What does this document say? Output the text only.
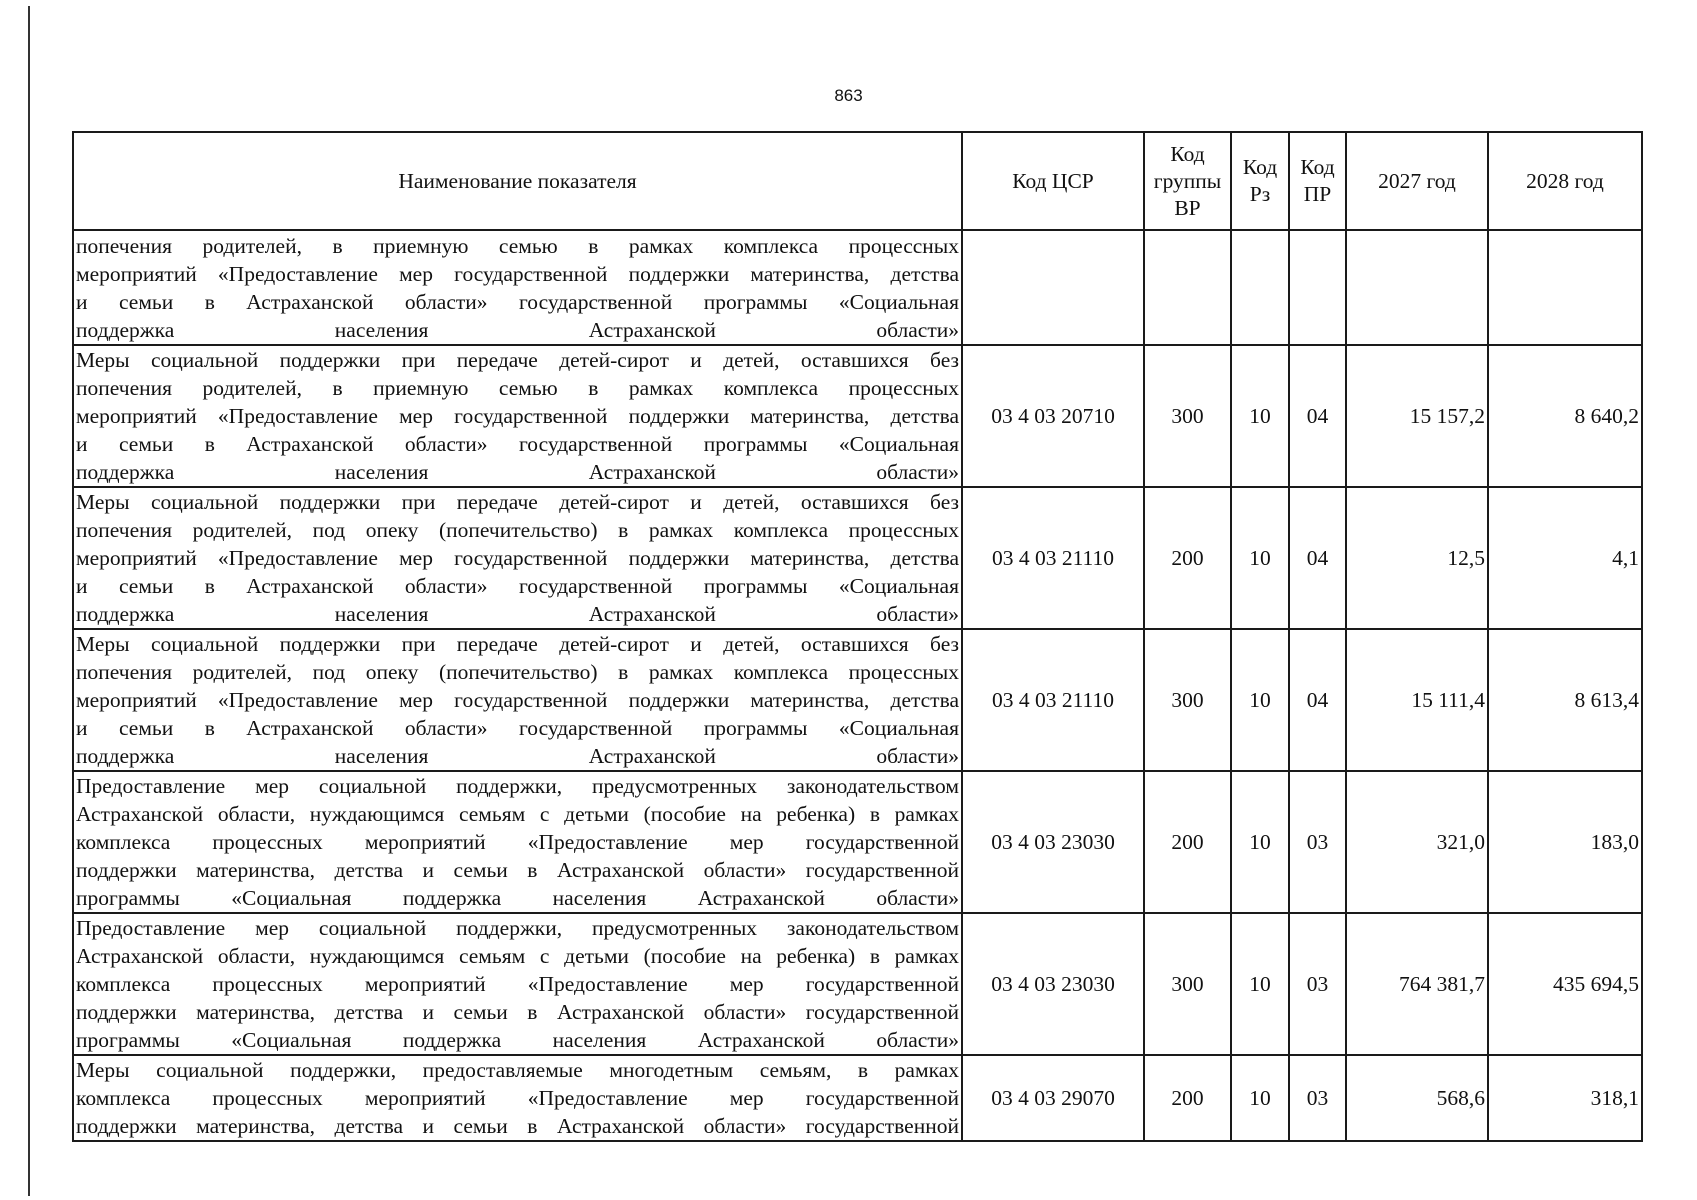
863
Наименование показателя	Код ЦСР	Код группы ВР	Код Рз	Код ПР	2027 год	2028 год

попечения родителей, в приемную семью в рамках комплекса процессных
мероприятий «Предоставление мер государственной поддержки материнства, детства
и семьи в Астраханской области» государственной программы «Социальная
поддержка населения Астраханской области»						

Меры социальной поддержки при передаче детей-сирот и детей, оставшихся без
попечения родителей, в приемную семью в рамках комплекса процессных
мероприятий «Предоставление мер государственной поддержки материнства, детства
и семьи в Астраханской области» государственной программы «Социальная
поддержка населения Астраханской области»	03 4 03 20710	300	10	04	15 157,2	8 640,2

Меры социальной поддержки при передаче детей-сирот и детей, оставшихся без
попечения родителей, под опеку (попечительство) в рамках комплекса процессных
мероприятий «Предоставление мер государственной поддержки материнства, детства
и семьи в Астраханской области» государственной программы «Социальная
поддержка населения Астраханской области»	03 4 03 21110	200	10	04	12,5	4,1

Меры социальной поддержки при передаче детей-сирот и детей, оставшихся без
попечения родителей, под опеку (попечительство) в рамках комплекса процессных
мероприятий «Предоставление мер государственной поддержки материнства, детства
и семьи в Астраханской области» государственной программы «Социальная
поддержка населения Астраханской области»	03 4 03 21110	300	10	04	15 111,4	8 613,4

Предоставление мер социальной поддержки, предусмотренных законодательством
Астраханской области, нуждающимся семьям с детьми (пособие на ребенка) в рамках
комплекса процессных мероприятий «Предоставление мер государственной
поддержки материнства, детства и семьи в Астраханской области» государственной
программы «Социальная поддержка населения Астраханской области»	03 4 03 23030	200	10	03	321,0	183,0

Предоставление мер социальной поддержки, предусмотренных законодательством
Астраханской области, нуждающимся семьям с детьми (пособие на ребенка) в рамках
комплекса процессных мероприятий «Предоставление мер государственной
поддержки материнства, детства и семьи в Астраханской области» государственной
программы «Социальная поддержка населения Астраханской области»	03 4 03 23030	300	10	03	764 381,7	435 694,5

Меры социальной поддержки, предоставляемые многодетным семьям, в рамках
комплекса процессных мероприятий «Предоставление мер государственной
поддержки материнства, детства и семьи в Астраханской области» государственной	03 4 03 29070	200	10	03	568,6	318,1
